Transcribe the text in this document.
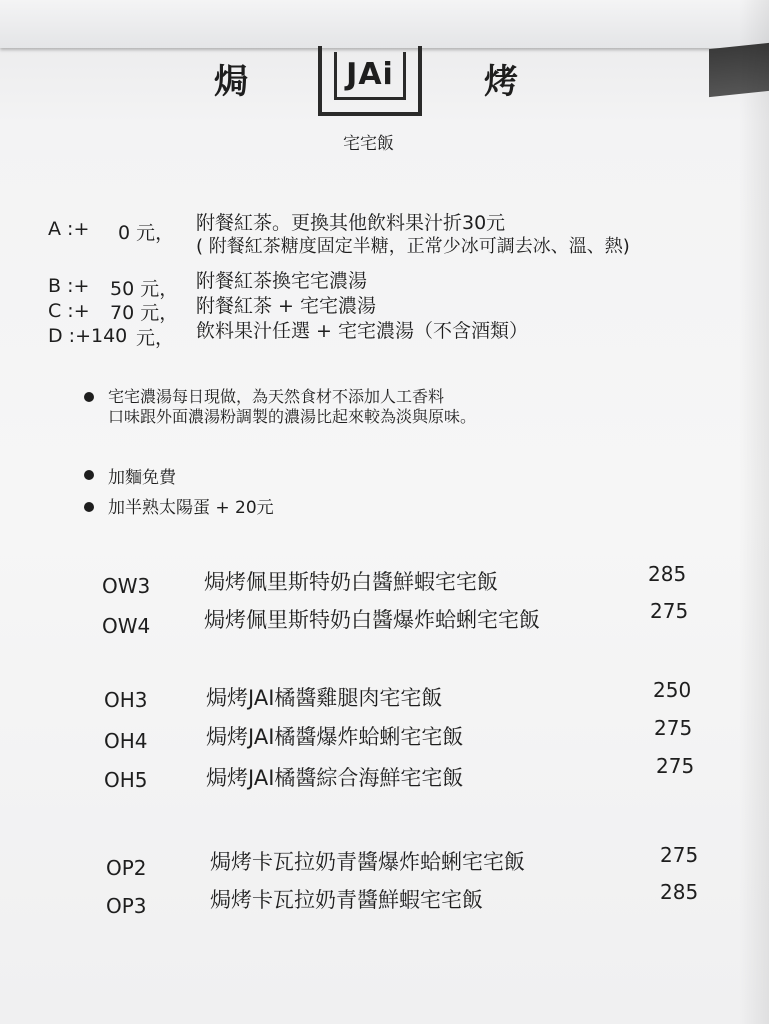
焗	JAi	烤
宅宅飯
A :+ 0 元， 附餐紅茶。更換其他飲料果汁折30元
( 附餐紅茶糖度固定半糖，正常少冰可調去冰、溫、熱)
B :+ 50 元， 附餐紅茶換宅宅濃湯
C :+ 70 元， 附餐紅茶 + 宅宅濃湯
D :+140 元， 飲料果汁任選 + 宅宅濃湯（不含酒類）
宅宅濃湯每日現做，為天然食材不添加人工香料
口味跟外面濃湯粉調製的濃湯比起來較為淡與原味。
加麵免費
加半熟太陽蛋 + 20元
OW3	焗烤佩里斯特奶白醬鮮蝦宅宅飯	285
OW4	焗烤佩里斯特奶白醬爆炸蛤蜊宅宅飯	275
OH3	焗烤JAI橘醬雞腿肉宅宅飯	250
OH4	焗烤JAI橘醬爆炸蛤蜊宅宅飯	275
OH5	焗烤JAI橘醬綜合海鮮宅宅飯	275
OP2	焗烤卡瓦拉奶青醬爆炸蛤蜊宅宅飯	275
OP3	焗烤卡瓦拉奶青醬鮮蝦宅宅飯	285
